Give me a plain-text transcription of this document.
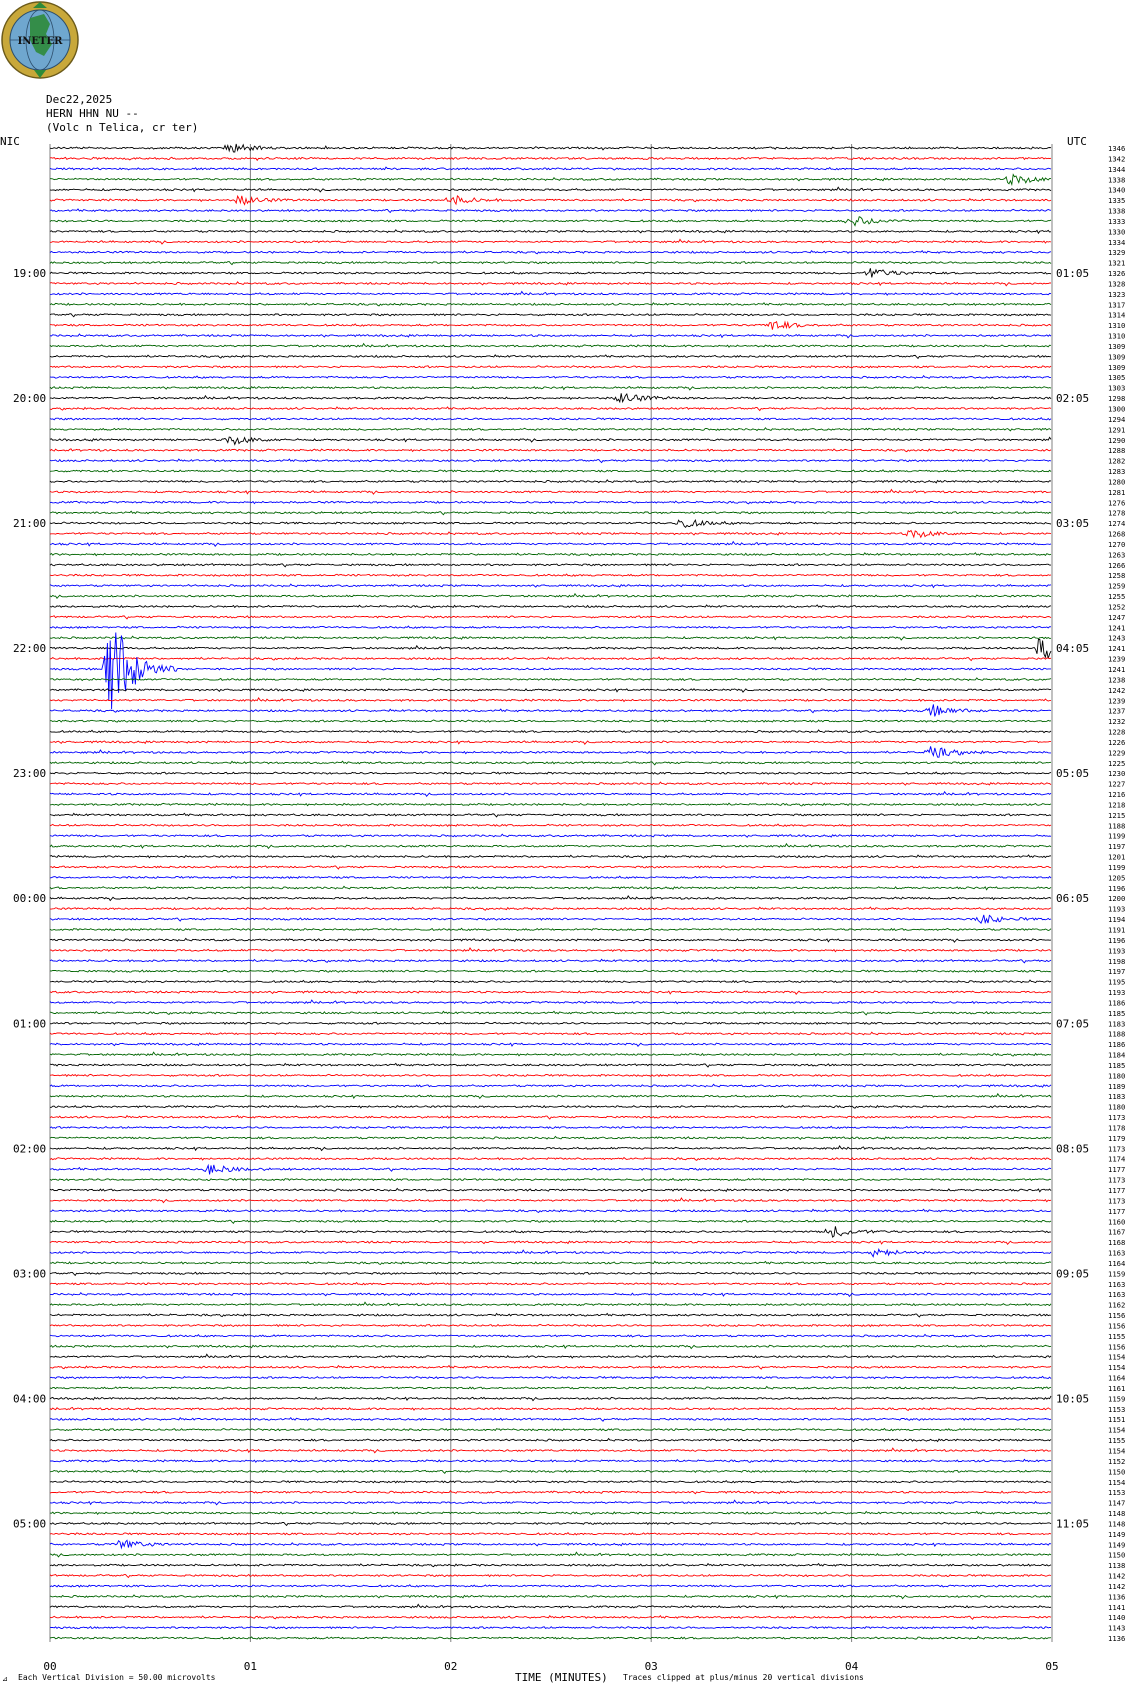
INETER
Dec22,2025
HERN HHN NU --
(Volc n Telica, cr ter)
NIC	UTC
1346
1342
1344
1338
1340
1335
1338
1333
1330
1334
1329
1321
1326
1328
1323
1317
1314
1310
1310
1309
1309
1309
1305
1303
1298
1300
1294
1291
1290
1288
1282
1283
1280
1281
1276
1278
1274
1268
1270
1263
1266
1258
1259
1255
1252
1247
1241
1243
1241
1239
1241
1238
1242
1239
1237
1232
1228
1226
1229
1225
1230
1227
1216
1218
1215
1188
1199
1197
1201
1199
1205
1196
1200
1193
1194
1191
1196
1193
1198
1197
1195
1193
1186
1185
1183
1188
1186
1184
1185
1180
1189
1183
1180
1173
1178
1179
1173
1174
1177
1173
1177
1173
1177
1160
1167
1168
1163
1164
1159
1163
1163
1162
1156
1156
1155
1156
1154
1154
1164
1161
1159
1153
1151
1154
1155
1154
1152
1150
1154
1153
1147
1148
1148
1149
1149
1150
1138
1142
1142
1136
1141
1140
1143
1136
19:00
20:00
21:00
22:00
23:00
00:00
01:00
02:00
03:00
04:00
05:00
01:05
02:05
03:05
04:05
05:05
06:05
07:05
08:05
09:05
10:05
11:05
00	01	02	03	04	05
⊿ Each Vertical Division = 50.00 microvolts	TIME (MINUTES) Traces clipped at plus/minus 20 vertical divisions
